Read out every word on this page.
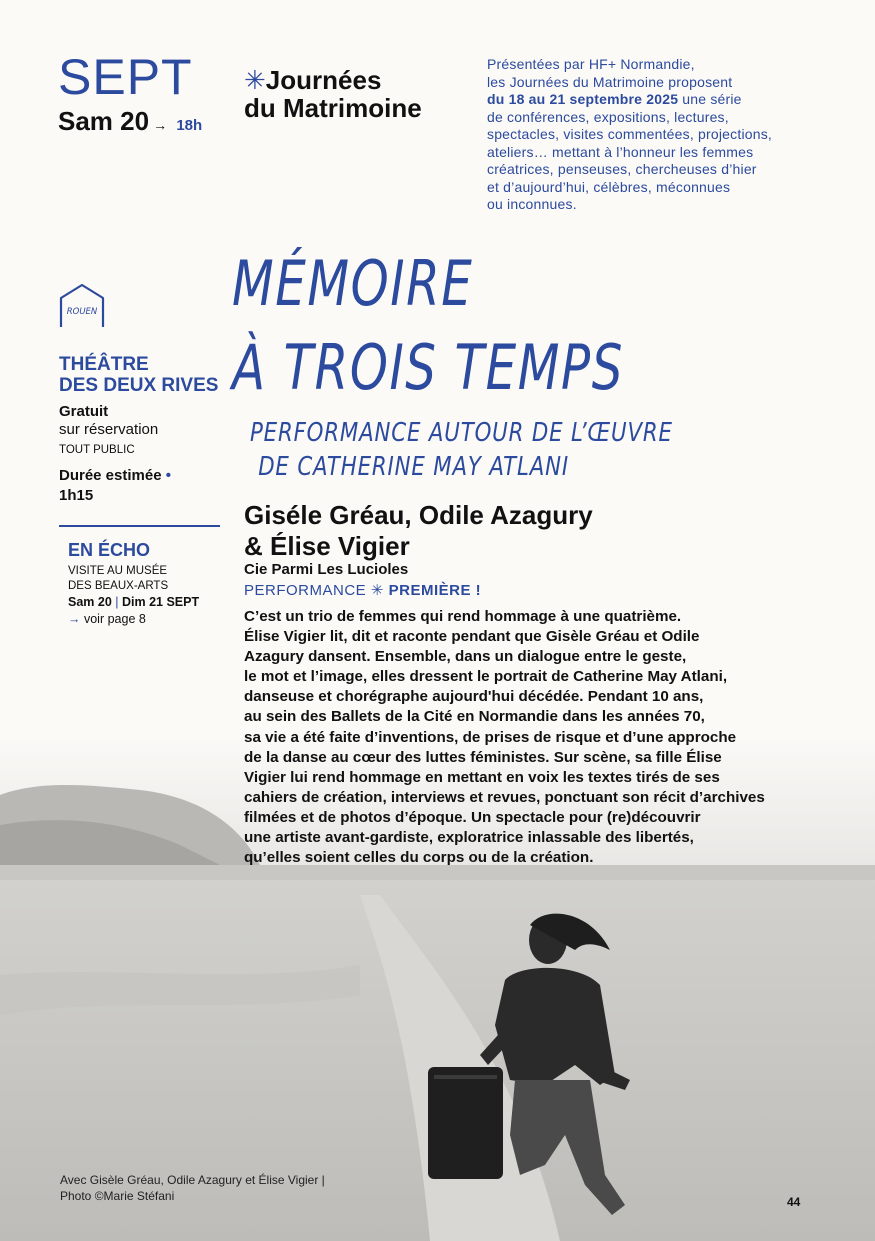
SEPT
Sam 20 → 18h
✳Journées
du Matrimoine
Présentées par HF+ Normandie,
les Journées du Matrimoine proposent
du 18 au 21 septembre 2025 une série
de conférences, expositions, lectures,
spectacles, visites commentées, projections,
ateliers… mettant à l’honneur les femmes
créatrices, penseuses, chercheuses d’hier
et d’aujourd’hui, célèbres, méconnues
ou inconnues.
MÉMOIRE
À TROIS TEMPS
PERFORMANCE AUTOUR DE L’ŒUVRE
DE CATHERINE MAY ATLANI
ROUEN
THÉÂTRE
DES DEUX RIVES
Gratuit
sur réservation
TOUT PUBLIC
Durée estimée •
1h15
EN ÉCHO
VISITE AU MUSÉE
DES BEAUX-ARTS
Sam 20 | Dim 21 SEPT
→ voir page 8
Giséle Gréau, Odile Azagury
& Élise Vigier
Cie Parmi Les Lucioles
PERFORMANCE ✳ PREMIÈRE !
C’est un trio de femmes qui rend hommage à une quatrième.
Élise Vigier lit, dit et raconte pendant que Gisèle Gréau et Odile
Azagury dansent. Ensemble, dans un dialogue entre le geste,
le mot et l’image, elles dressent le portrait de Catherine May Atlani,
danseuse et chorégraphe aujourd'hui décédée. Pendant 10 ans,
au sein des Ballets de la Cité en Normandie dans les années 70,
sa vie a été faite d’inventions, de prises de risque et d’une approche
de la danse au cœur des luttes féministes. Sur scène, sa fille Élise
Vigier lui rend hommage en mettant en voix les textes tirés de ses
cahiers de création, interviews et revues, ponctuant son récit d’archives
filmées et de photos d’époque. Un spectacle pour (re)découvrir
une artiste avant-gardiste, exploratrice inlassable des libertés,
qu’elles soient celles du corps ou de la création.
Avec Gisèle Gréau, Odile Azagury et Élise Vigier |
Photo ©Marie Stéfani	44
